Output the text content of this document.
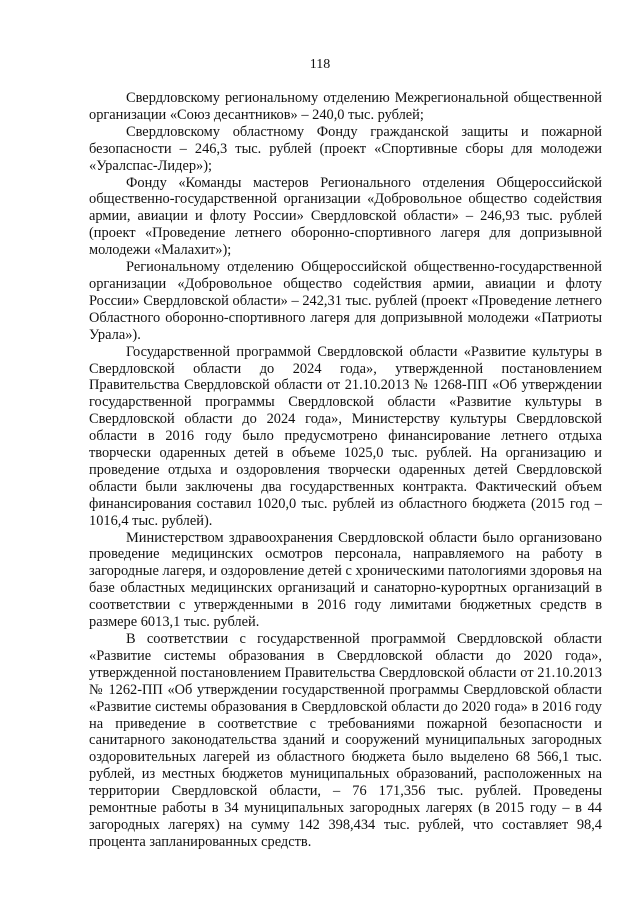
118

Свердловскому региональному отделению Межрегиональной общественной организации «Союз десантников» – 240,0 тыс. рублей;

Свердловскому областному Фонду гражданской защиты и пожарной безопасности – 246,3 тыс. рублей (проект «Спортивные сборы для молодежи «Уралспас-Лидер»);

Фонду «Команды мастеров Регионального отделения Общероссийской общественно-государственной организации «Добровольное общество содействия армии, авиации и флоту России» Свердловской области» – 246,93 тыс. рублей (проект «Проведение летнего оборонно-спортивного лагеря для допризывной молодежи «Малахит»);

Региональному отделению Общероссийской общественно-государственной организации «Добровольное общество содействия армии, авиации и флоту России» Свердловской области» – 242,31 тыс. рублей (проект «Проведение летнего Областного оборонно-спортивного лагеря для допризывной молодежи «Патриоты Урала»).

Государственной программой Свердловской области «Развитие культуры в Свердловской области до 2024 года», утвержденной постановлением Правительства Свердловской области от 21.10.2013 № 1268-ПП «Об утверждении государственной программы Свердловской области «Развитие культуры в Свердловской области до 2024 года», Министерству культуры Свердловской области в 2016 году было предусмотрено финансирование летнего отдыха творчески одаренных детей в объеме 1025,0 тыс. рублей. На организацию и проведение отдыха и оздоровления творчески одаренных детей Свердловской области были заключены два государственных контракта. Фактический объем финансирования составил 1020,0 тыс. рублей из областного бюджета (2015 год – 1016,4 тыс. рублей).

Министерством здравоохранения Свердловской области было организовано проведение медицинских осмотров персонала, направляемого на работу в загородные лагеря, и оздоровление детей с хроническими патологиями здоровья на базе областных медицинских организаций и санаторно-курортных организаций в соответствии с утвержденными в 2016 году лимитами бюджетных средств в размере 6013,1 тыс. рублей.

В соответствии с государственной программой Свердловской области «Развитие системы образования в Свердловской области до 2020 года», утвержденной постановлением Правительства Свердловской области от 21.10.2013 № 1262-ПП «Об утверждении государственной программы Свердловской области «Развитие системы образования в Свердловской области до 2020 года» в 2016 году на приведение в соответствие с требованиями пожарной безопасности и санитарного законодательства зданий и сооружений муниципальных загородных оздоровительных лагерей из областного бюджета было выделено 68 566,1 тыс. рублей, из местных бюджетов муниципальных образований, расположенных на территории Свердловской области, – 76 171,356 тыс. рублей. Проведены ремонтные работы в 34 муниципальных загородных лагерях (в 2015 году – в 44 загородных лагерях) на сумму 142 398,434 тыс. рублей, что составляет 98,4 процента запланированных средств.
